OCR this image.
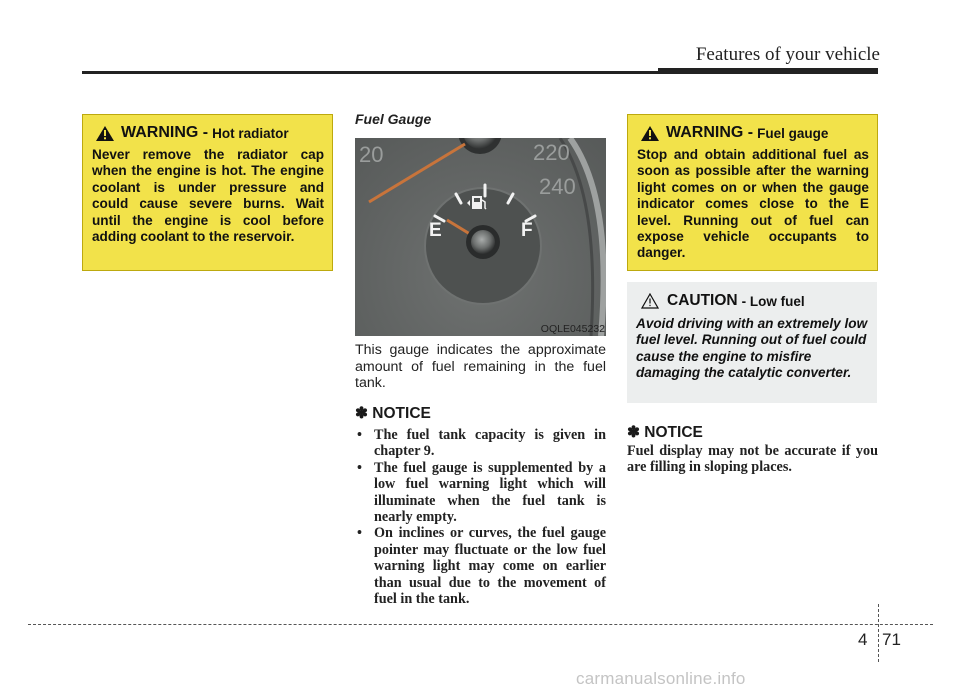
Features of your vehicle
WARNING - Hot radiator
Never remove the radiator cap when the engine is hot. The engine coolant is under pressure and could cause severe burns. Wait until the engine is cool before adding coolant to the reservoir.
Fuel Gauge
20	220
240
E	F
OQLE045232
This gauge indicates the approximate amount of fuel remaining in the fuel tank.
✽ NOTICE
• The fuel tank capacity is given in chapter 9.
• The fuel gauge is supplemented by a low fuel warning light which will illuminate when the fuel tank is nearly empty.
• On inclines or curves, the fuel gauge pointer may fluctuate or the low fuel warning light may come on earlier than usual due to the movement of fuel in the tank.
WARNING - Fuel gauge
Stop and obtain additional fuel as soon as possible after the warning light comes on or when the gauge indicator comes close to the E level. Running out of fuel can expose vehicle occupants to danger.
CAUTION - Low fuel
Avoid driving with an extremely low fuel level. Running out of fuel could cause the engine to misfire damaging the catalytic converter.
✽ NOTICE
Fuel display may not be accurate if you are filling in sloping places.
4 71
carmanualsonline.info
